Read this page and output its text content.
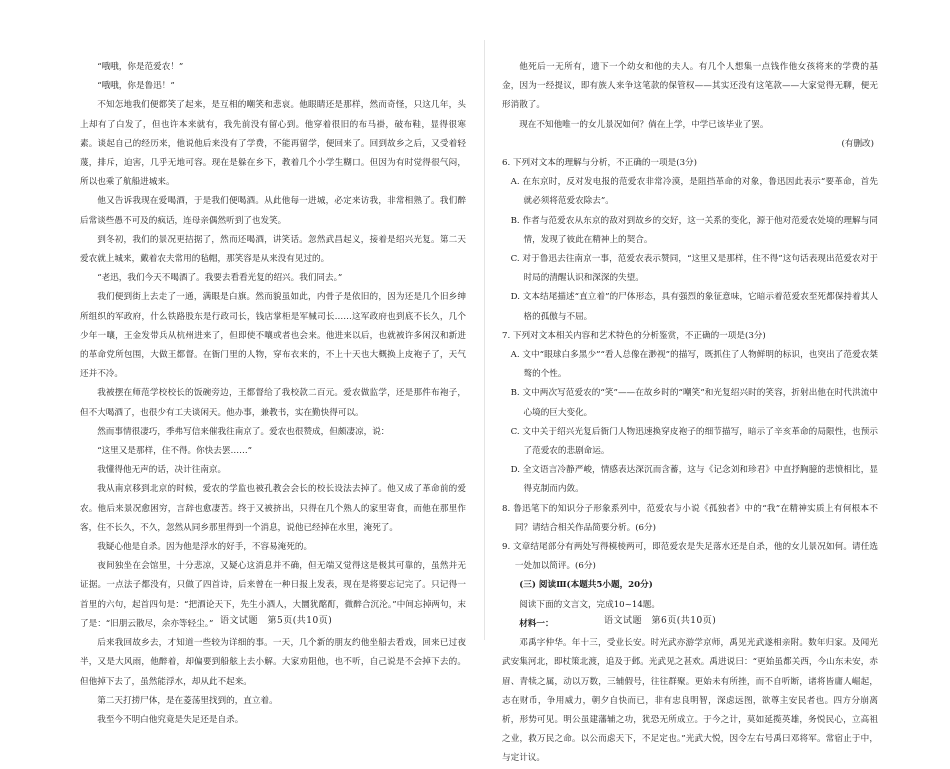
“哦哦，你是范爱农！”

“哦哦，你是鲁迅！”

不知怎地我们便都笑了起来，是互相的嘲笑和悲哀。他眼睛还是那样，然而奇怪，只这几年，头上却有了白发了，但也许本来就有，我先前没有留心到。他穿着很旧的布马褂，破布鞋，显得很寒素。谈起自己的经历来，他说他后来没有了学费，不能再留学，便回来了。回到故乡之后，又受着轻蔑，排斥，迫害，几乎无地可容。现在是躲在乡下，教着几个小学生糊口。但因为有时觉得很气闷，所以也乘了航船进城来。

他又告诉我现在爱喝酒，于是我们便喝酒。从此他每一进城，必定来访我，非常相熟了。我们醉后常谈些愚不可及的疯话，连母亲偶然听到了也发笑。

到冬初，我们的景况更拮据了，然而还喝酒，讲笑话。忽然武昌起义，接着是绍兴光复。第二天爱农就上城来，戴着农夫常用的毡帽，那笑容是从来没有见过的。

“老迅，我们今天不喝酒了。我要去看看光复的绍兴。我们同去。”

我们便到街上去走了一通，满眼是白旗。然而貌虽如此，内骨子是依旧的，因为还是几个旧乡绅所组织的军政府，什么铁路股东是行政司长，钱店掌柜是军械司长……这军政府也到底不长久，几个少年一嚷，王金发带兵从杭州进来了，但即使不嚷或者也会来。他进来以后，也就被许多闲汉和新进的革命党所包围，大做王都督。在衙门里的人物，穿布衣来的，不上十天也大概换上皮袍子了，天气还并不冷。

我被摆在师范学校校长的饭碗旁边，王都督给了我校款二百元。爱农做监学，还是那件布袍子，但不大喝酒了，也很少有工夫谈闲天。他办事，兼教书，实在勤快得可以。

然而事情很凄巧，季弗写信来催我往南京了。爱农也很赞成，但颇凄凉，说：

“这里又是那样，住不得。你快去罢……”

我懂得他无声的话，决计往南京。

我从南京移到北京的时候，爱农的学监也被孔教会会长的校长设法去掉了。他又成了革命前的爱农。他后来景况愈困穷，言辞也愈凄苦。终于又被挤出，只得在几个熟人的家里寄食，而他在那里作客，住不长久，不久，忽然从同乡那里得到一个消息，说他已经掉在水里，淹死了。

我疑心他是自杀。因为他是浮水的好手，不容易淹死的。

夜间独坐在会馆里，十分悲凉，又疑心这消息并不确，但无端又觉得这是极其可靠的，虽然并无证据。一点法子都没有，只做了四首诗，后来曾在一种日报上发表，现在是将要忘记完了。只记得一首里的六句，起首四句是：“把酒论天下，先生小酒人，大圜犹酩酊，微醉合沉沦。”中间忘掉两句，末了是：“旧朋云散尽，余亦等轻尘。”

后来我回故乡去，才知道一些较为详细的事。一天，几个新的朋友约他坐船去看戏，回来已过夜半，又是大风雨，他醉着，却偏要到船舷上去小解。大家劝阻他，也不听，自己说是不会掉下去的。但他掉下去了，虽然能浮水，却从此不起来。

第二天打捞尸体，是在菱荡里找到的，直立着。

我至今不明白他究竟是失足还是自杀。

他死后一无所有，遗下一个幼女和他的夫人。有几个人想集一点钱作他女孩将来的学费的基金，因为一经提议，即有族人来争这笔款的保管权——其实还没有这笔款——大家觉得无聊，便无形消散了。

现在不知他唯一的女儿景况如何？倘在上学，中学已该毕业了罢。

(有删改)

6. 下列对文本的理解与分析，不正确的一项是(3分)

A. 在东京时，反对发电报的范爱农非常冷漠，是阻挡革命的对象，鲁迅因此表示“要革命，首先就必须将范爱农除去”。

B. 作者与范爱农从东京的敌对到故乡的交好，这一关系的变化，源于他对范爱农处境的理解与同情，发现了彼此在精神上的契合。

C. 对于鲁迅去往南京一事，范爱农表示赞同，“这里又是那样，住不得”这句话表现出范爱农对于时局的清醒认识和深深的失望。

D. 文本结尾描述“直立着”的尸体形态，具有强烈的象征意味，它暗示着范爱农至死都保持着其人格的孤傲与不屈。

7. 下列对文本相关内容和艺术特色的分析鉴赏，不正确的一项是(3分)

A. 文中“眼球白多黑少”“看人总像在渺视”的描写，既抓住了人物鲜明的标识，也突出了范爱农桀骜的个性。

B. 文中两次写范爱农的“笑”——在故乡时的“嘲笑”和光复绍兴时的笑容，折射出他在时代洪流中心境的巨大变化。

C. 文中关于绍兴光复后衙门人物迅速换穿皮袍子的细节描写，暗示了辛亥革命的局限性，也预示了范爱农的悲剧命运。

D. 全文语言冷静严峻，情感表达深沉而含蓄，这与《记念刘和珍君》中直抒胸臆的悲愤相比，显得克制而内敛。

8. 鲁迅笔下的知识分子形象系列中，范爱农与小说《孤独者》中的“我”在精神实质上有何根本不同？请结合相关作品简要分析。(6分)

9. 文章结尾部分有两处写得模棱两可，即范爱农是失足落水还是自杀，他的女儿景况如何。请任选一处加以简评。(6分)

(三) 阅读Ⅲ(本题共5小题，20分)

阅读下面的文言文，完成10~14题。

材料一：

邓禹字仲华。年十三，受业长安。时光武亦游学京师，禹见光武遂相亲附。数年归家。及闻光武安集河北，即杖策北渡，追及于邺。光武见之甚欢。禹进说曰：“更始虽都关西，今山东未安，赤眉、青犊之属，动以万数，三辅假号，往往群聚。更始未有所挫，而不自听断，诸将皆庸人崛起，志在财币，争用威力，朝夕自快而已，非有忠良明智，深虑远图，欲尊主安民者也。四方分崩离析，形势可见。明公虽建藩辅之功，犹恐无所成立。于今之计，莫如延揽英雄，务悦民心，立高祖之业，救万民之命。以公而虑天下，不足定也。”光武大悦，因令左右号禹曰邓将军。常宿止于中，与定计议。

语文试题　第5页(共10页)	语文试题　第6页(共10页)
